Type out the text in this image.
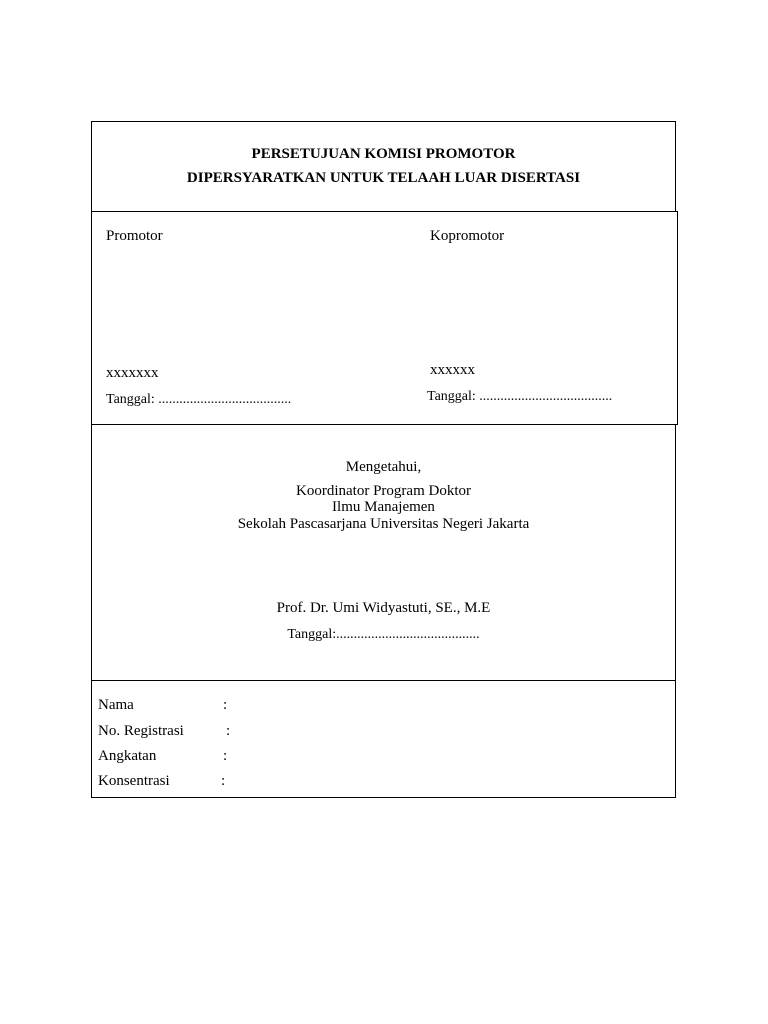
PERSETUJUAN KOMISI PROMOTOR
DIPERSYARATKAN UNTUK TELAAH LUAR DISERTASI
Promotor	Kopromotor
xxxxxxx	xxxxxx
Tanggal: ......................................	Tanggal: ......................................
Mengetahui,
Koordinator Program Doktor
Ilmu Manajemen
Sekolah Pascasarjana Universitas Negeri Jakarta
Prof. Dr. Umi Widyastuti, SE., M.E
Tanggal:.........................................
Nama	:
No. Registrasi	:
Angkatan	:
Konsentrasi	:
